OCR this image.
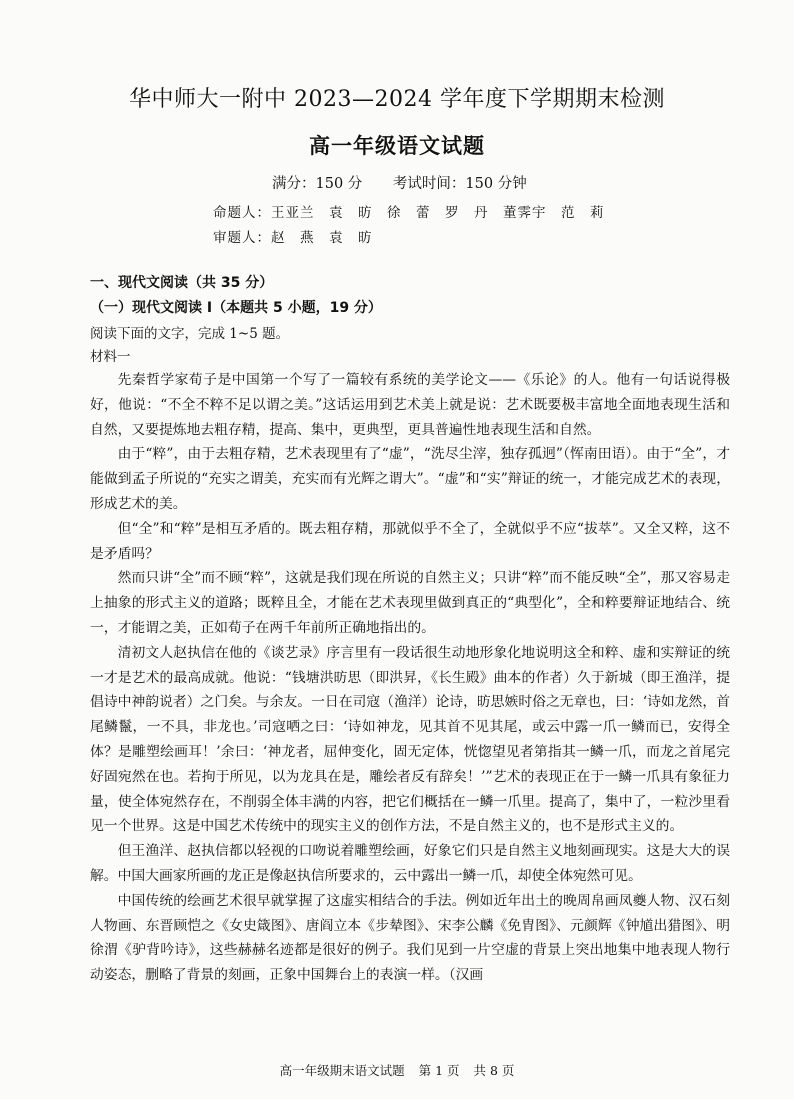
华中师大一附中 2023—2024 学年度下学期期末检测
高一年级语文试题
满分：150 分 考试时间：150 分钟
命题人：王亚兰　袁　昉　徐　蕾　罗　丹　董霁宇　范　莉
审题人：赵　燕　袁　昉
一、现代文阅读（共 35 分）
（一）现代文阅读 I（本题共 5 小题，19 分）
阅读下面的文字，完成 1~5 题。
材料一

先秦哲学家荀子是中国第一个写了一篇较有系统的美学论文——《乐论》的人。他有一句话说得极好，他说：“不全不粹不足以谓之美。”这话运用到艺术美上就是说：艺术既要极丰富地全面地表现生活和自然，又要提炼地去粗存精，提高、集中，更典型，更具普遍性地表现生活和自然。

由于“粹”，由于去粗存精，艺术表现里有了“虚”，“洗尽尘滓，独存孤迥”（恽南田语）。由于“全”，才能做到孟子所说的“充实之谓美，充实而有光辉之谓大”。“虚”和“实”辩证的统一，才能完成艺术的表现，形成艺术的美。

但“全”和“粹”是相互矛盾的。既去粗存精，那就似乎不全了，全就似乎不应“拔萃”。又全又粹，这不是矛盾吗？

然而只讲“全”而不顾“粹”，这就是我们现在所说的自然主义；只讲“粹”而不能反映“全”，那又容易走上抽象的形式主义的道路；既粹且全，才能在艺术表现里做到真正的“典型化”，全和粹要辩证地结合、统一，才能谓之美，正如荀子在两千年前所正确地指出的。

清初文人赵执信在他的《谈艺录》序言里有一段话很生动地形象化地说明这全和粹、虚和实辩证的统一才是艺术的最高成就。他说：“钱塘洪昉思（即洪昇，《长生殿》曲本的作者）久于新城（即王渔洋，提倡诗中神韵说者）之门矣。与余友。一日在司寇（渔洋）论诗，昉思嫉时俗之无章也，曰：‘诗如龙然，首尾鳞鬣，一不具，非龙也。’司寇哂之曰：‘诗如神龙，见其首不见其尾，或云中露一爪一鳞而已，安得全体？是雕塑绘画耳！’余曰：‘神龙者，屈伸变化，固无定体，恍惚望见者第指其一鳞一爪，而龙之首尾完好固宛然在也。若拘于所见，以为龙具在是，雕绘者反有辞矣！’”艺术的表现正在于一鳞一爪具有象征力量，使全体宛然存在，不削弱全体丰满的内容，把它们概括在一鳞一爪里。提高了，集中了，一粒沙里看见一个世界。这是中国艺术传统中的现实主义的创作方法，不是自然主义的，也不是形式主义的。

但王渔洋、赵执信都以轻视的口吻说着雕塑绘画，好象它们只是自然主义地刻画现实。这是大大的误解。中国大画家所画的龙正是像赵执信所要求的，云中露出一鳞一爪，却使全体宛然可见。

中国传统的绘画艺术很早就掌握了这虚实相结合的手法。例如近年出土的晚周帛画凤夔人物、汉石刻人物画、东晋顾恺之《女史箴图》、唐阎立本《步辇图》、宋李公麟《免胄图》、元颜辉《钟馗出猎图》、明徐渭《驴背吟诗》，这些赫赫名迹都是很好的例子。我们见到一片空虚的背景上突出地集中地表现人物行动姿态，删略了背景的刻画，正象中国舞台上的表演一样。（汉画

高一年级期末语文试题 第 1 页 共 8 页
